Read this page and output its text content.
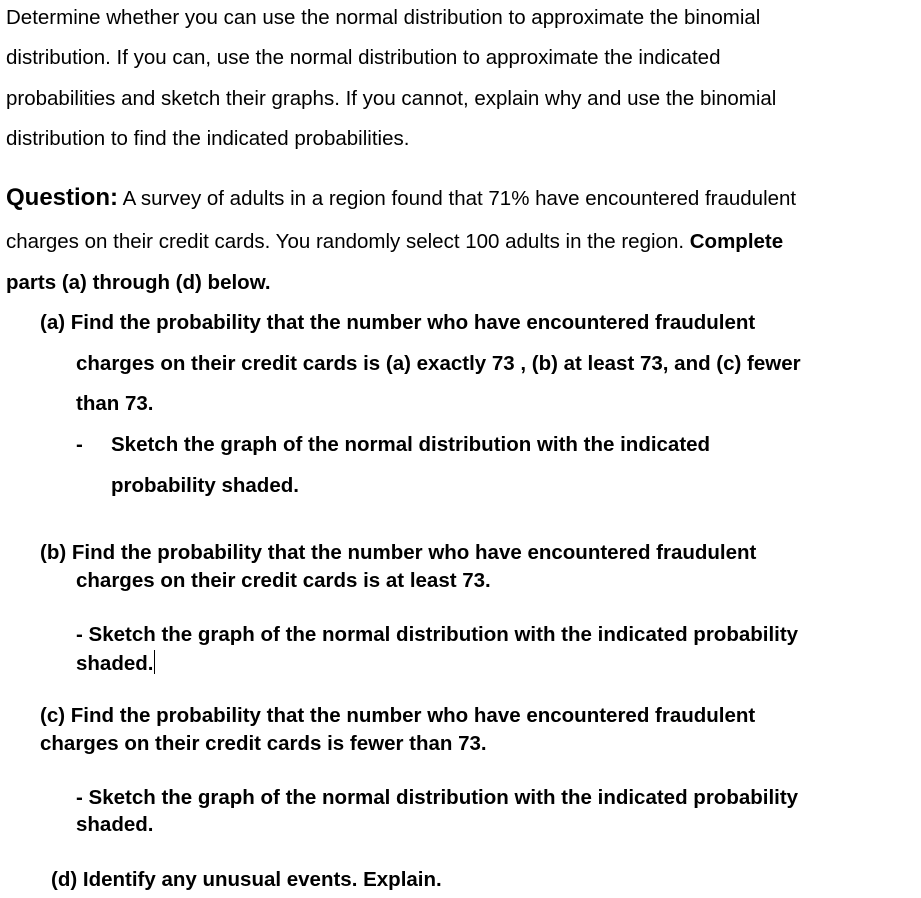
Determine whether you can use the normal distribution to approximate the binomial
distribution. If you can, use the normal distribution to approximate the indicated
probabilities and sketch their graphs. If you cannot, explain why and use the binomial
distribution to find the indicated probabilities.
Question: A survey of adults in a region found that 71% have encountered fraudulent
charges on their credit cards. You randomly select 100 adults in the region. Complete
parts (a) through (d) below.
(a) Find the probability that the number who have encountered fraudulent
charges on their credit cards is (a) exactly 73 , (b) at least 73, and (c) fewer
than 73.
- Sketch the graph of the normal distribution with the indicated
probability shaded.
(b) Find the probability that the number who have encountered fraudulent
charges on their credit cards is at least 73.
- Sketch the graph of the normal distribution with the indicated probability
shaded.
(c) Find the probability that the number who have encountered fraudulent
charges on their credit cards is fewer than 73.
- Sketch the graph of the normal distribution with the indicated probability
shaded.
(d) Identify any unusual events. Explain.
